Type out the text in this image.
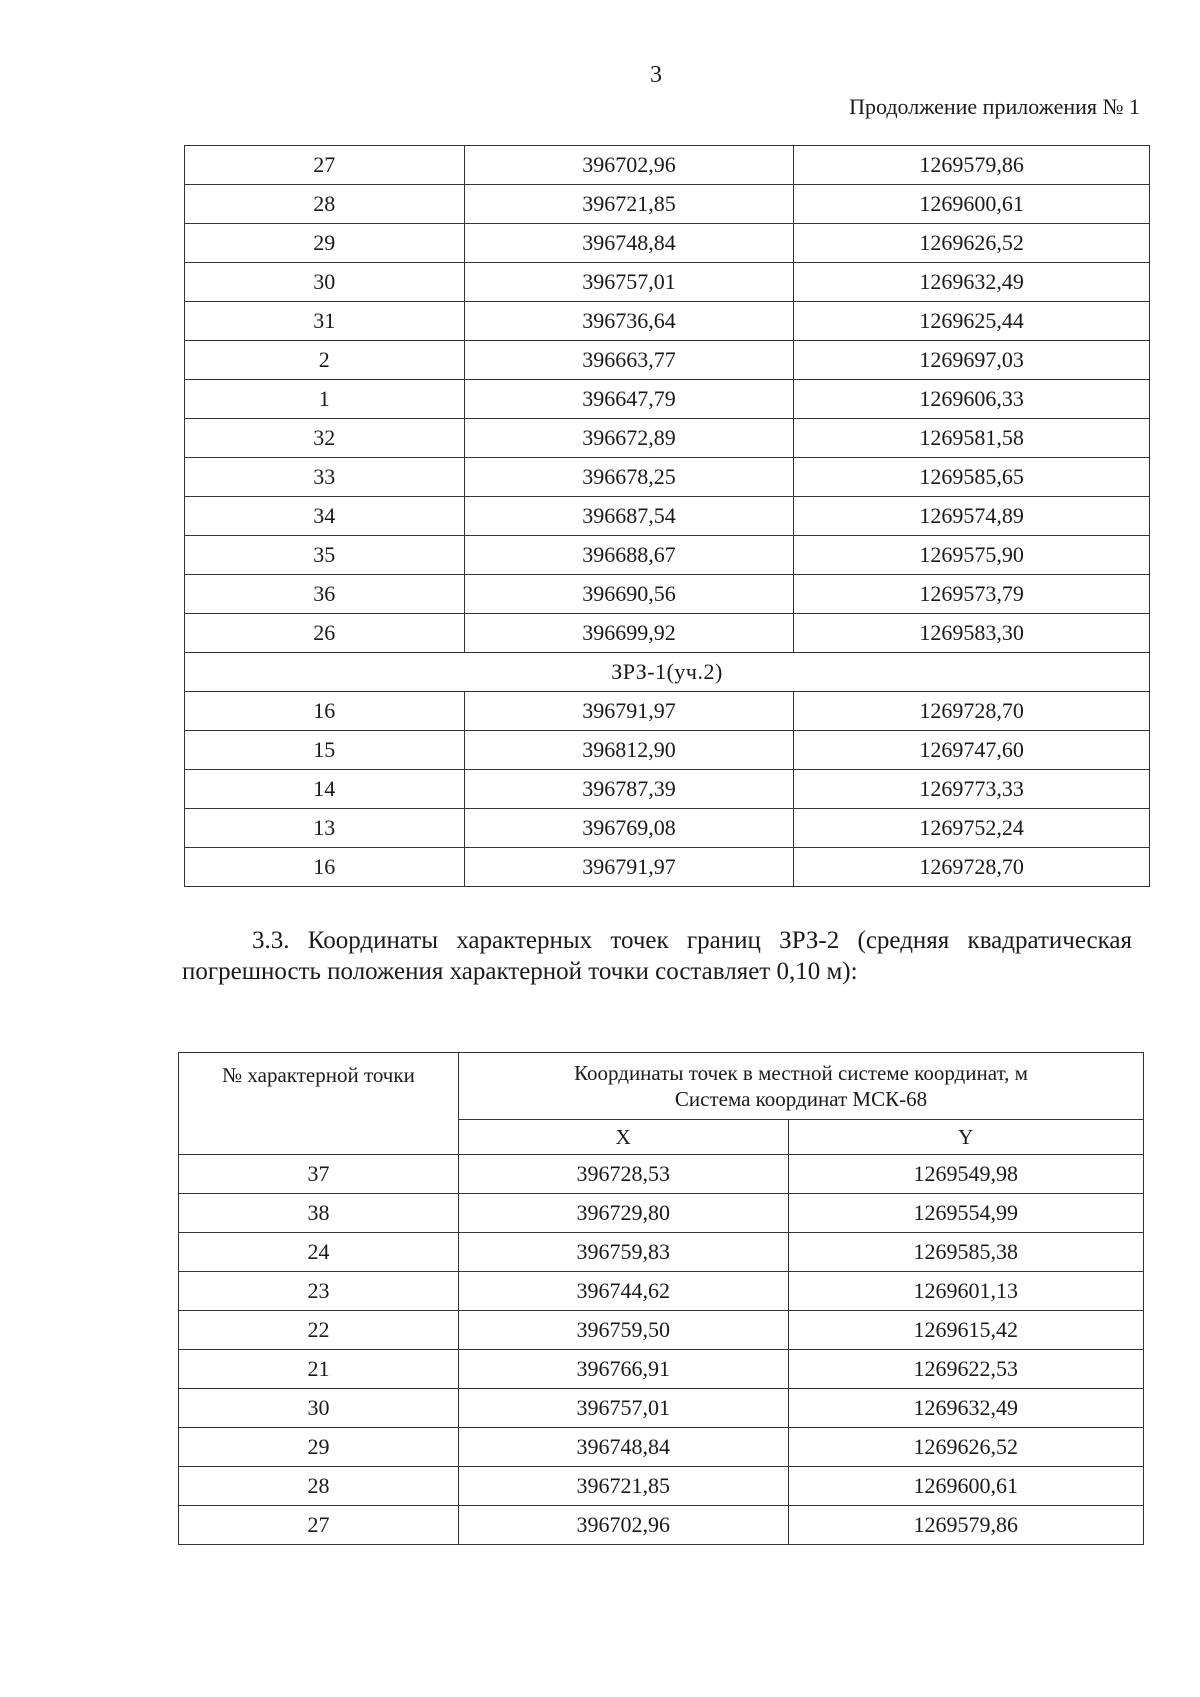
3
Продолжение приложения № 1
27	396702,96	1269579,86
28	396721,85	1269600,61
29	396748,84	1269626,52
30	396757,01	1269632,49
31	396736,64	1269625,44
2	396663,77	1269697,03
1	396647,79	1269606,33
32	396672,89	1269581,58
33	396678,25	1269585,65
34	396687,54	1269574,89
35	396688,67	1269575,90
36	396690,56	1269573,79
26	396699,92	1269583,30
ЗРЗ-1(уч.2)		
16	396791,97	1269728,70
15	396812,90	1269747,60
14	396787,39	1269773,33
13	396769,08	1269752,24
16	396791,97	1269728,70

3.3. Координаты характерных точек границ ЗРЗ-2 (средняя квадратическая погрешность положения характерной точки составляет 0,10 м):

№ характерной точки	Координаты точек в местной системе координат, м
Система координат МСК-68	
	X	Y
37	396728,53	1269549,98
38	396729,80	1269554,99
24	396759,83	1269585,38
23	396744,62	1269601,13
22	396759,50	1269615,42
21	396766,91	1269622,53
30	396757,01	1269632,49
29	396748,84	1269626,52
28	396721,85	1269600,61
27	396702,96	1269579,86
